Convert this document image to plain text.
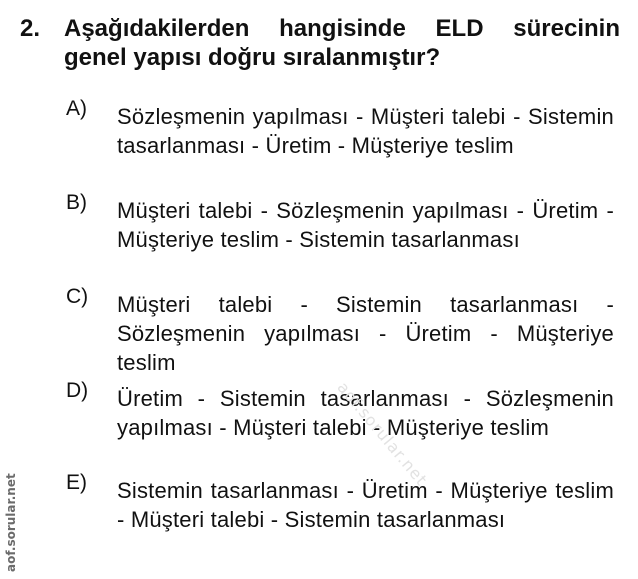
2. Aşağıdakilerden hangisinde ELD sürecinin genel yapısı doğru sıralanmıştır?
A) Sözleşmenin yapılması - Müşteri talebi - Sistemin tasarlanması - Üretim - Müşteriye teslim
B) Müşteri talebi - Sözleşmenin yapılması - Üretim - Müşteriye teslim - Sistemin tasarlanması
C) Müşteri talebi - Sistemin tasarlanması - Sözleşmenin yapılması - Üretim - Müşteriye teslim
D) Üretim - Sistemin tasarlanması - Sözleşmenin yapılması - Müşteri talebi - Müşteriye teslim
E) Sistemin tasarlanması - Üretim - Müşteriye teslim - Müşteri talebi - Sistemin tasarlanması
aof.sorular.net
aof.sorular.net
